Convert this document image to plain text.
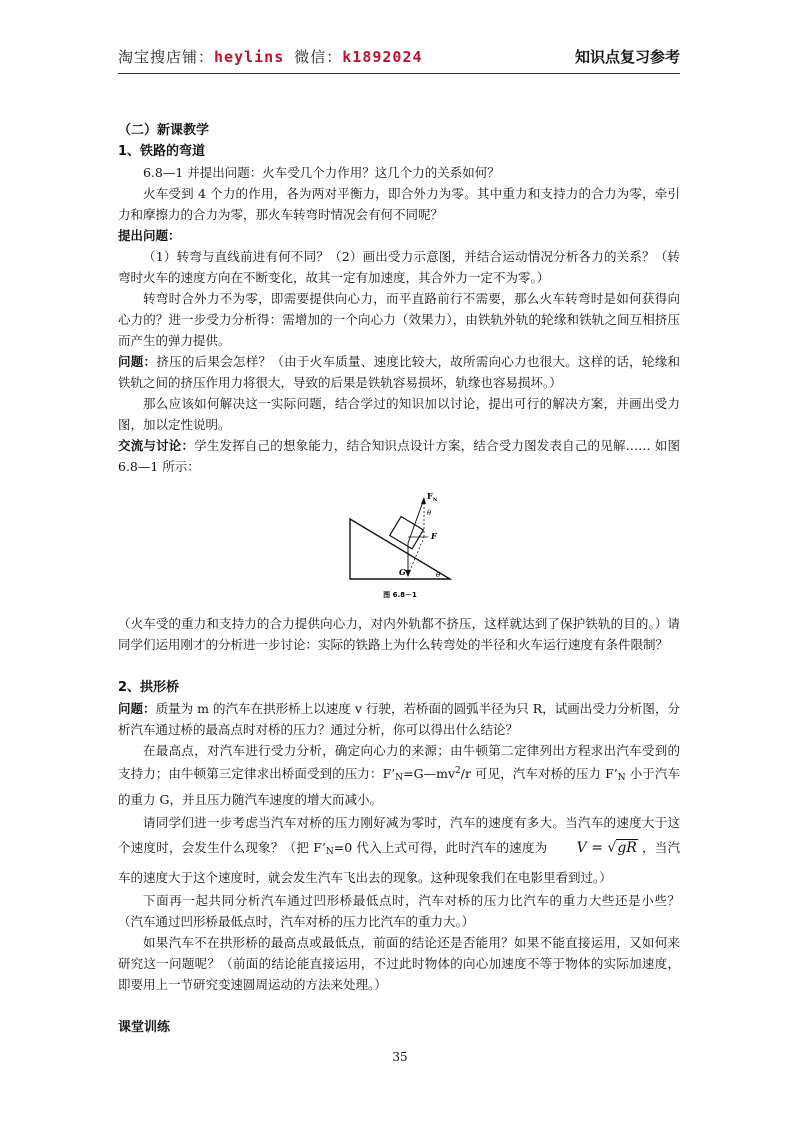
淘宝搜店铺：heylins 微信：k1892024	知识点复习参考

（二）新课教学

1、铁路的弯道

6.8—1 并提出问题：火车受几个力作用？这几个力的关系如何？

火车受到 4 个力的作用，各为两对平衡力，即合外力为零。其中重力和支持力的合力为零，牵引力和摩擦力的合力为零，那火车转弯时情况会有何不同呢？

提出问题：

（1）转弯与直线前进有何不同？（2）画出受力示意图，并结合运动情况分析各力的关系？（转弯时火车的速度方向在不断变化，故其一定有加速度，其合外力一定不为零。）

转弯时合外力不为零，即需要提供向心力，而平直路前行不需要，那么火车转弯时是如何获得向心力的？进一步受力分析得：需增加的一个向心力（效果力），由铁轨外轨的轮缘和铁轨之间互相挤压而产生的弹力提供。

问题：挤压的后果会怎样？（由于火车质量、速度比较大，故所需向心力也很大。这样的话，轮缘和铁轨之间的挤压作用力将很大，导致的后果是铁轨容易损坏，轨缘也容易损坏。）

那么应该如何解决这一实际问题，结合学过的知识加以讨论，提出可行的解决方案，并画出受力图，加以定性说明。

交流与讨论：学生发挥自己的想象能力，结合知识点设计方案，结合受力图发表自己的见解…… 如图 6.8—1 所示：

$F_N$
θ
F
G	θ
图 6.8－1

（火车受的重力和支持力的合力提供向心力，对内外轨都不挤压，这样就达到了保护铁轨的目的。）请同学们运用刚才的分析进一步讨论：实际的铁路上为什么转弯处的半径和火车运行速度有条件限制？

2、拱形桥

问题：质量为 m 的汽车在拱形桥上以速度 v 行驶，若桥面的圆弧半径为只 R，试画出受力分析图，分析汽车通过桥的最高点时对桥的压力？通过分析，你可以得出什么结论？

在最高点，对汽车进行受力分析，确定向心力的来源；由牛顿第二定律列出方程求出汽车受到的支持力；由牛顿第三定律求出桥面受到的压力：$F’_N=G—mv^2/r$ 可见，汽车对桥的压力 $F’_N$ 小于汽车的重力 G，并且压力随汽车速度的增大而减小。

请同学们进一步考虑当汽车对桥的压力刚好减为零时，汽车的速度有多大。当汽车的速度大于这个速度时，会发生什么现象？（把 $F’_N=0$ 代入上式可得，此时汽车的速度为 V = √gR ，当汽车的速度大于这个速度时，就会发生汽车飞出去的现象。这种现象我们在电影里看到过。）

下面再一起共同分析汽车通过凹形桥最低点时，汽车对桥的压力比汽车的重力大些还是小些？（汽车通过凹形桥最低点时，汽车对桥的压力比汽车的重力大。）

如果汽车不在拱形桥的最高点或最低点，前面的结论还是否能用？如果不能直接运用，又如何来研究这一问题呢？（前面的结论能直接运用，不过此时物体的向心加速度不等于物体的实际加速度，即要用上一节研究变速圆周运动的方法来处理。）

课堂训练

35
